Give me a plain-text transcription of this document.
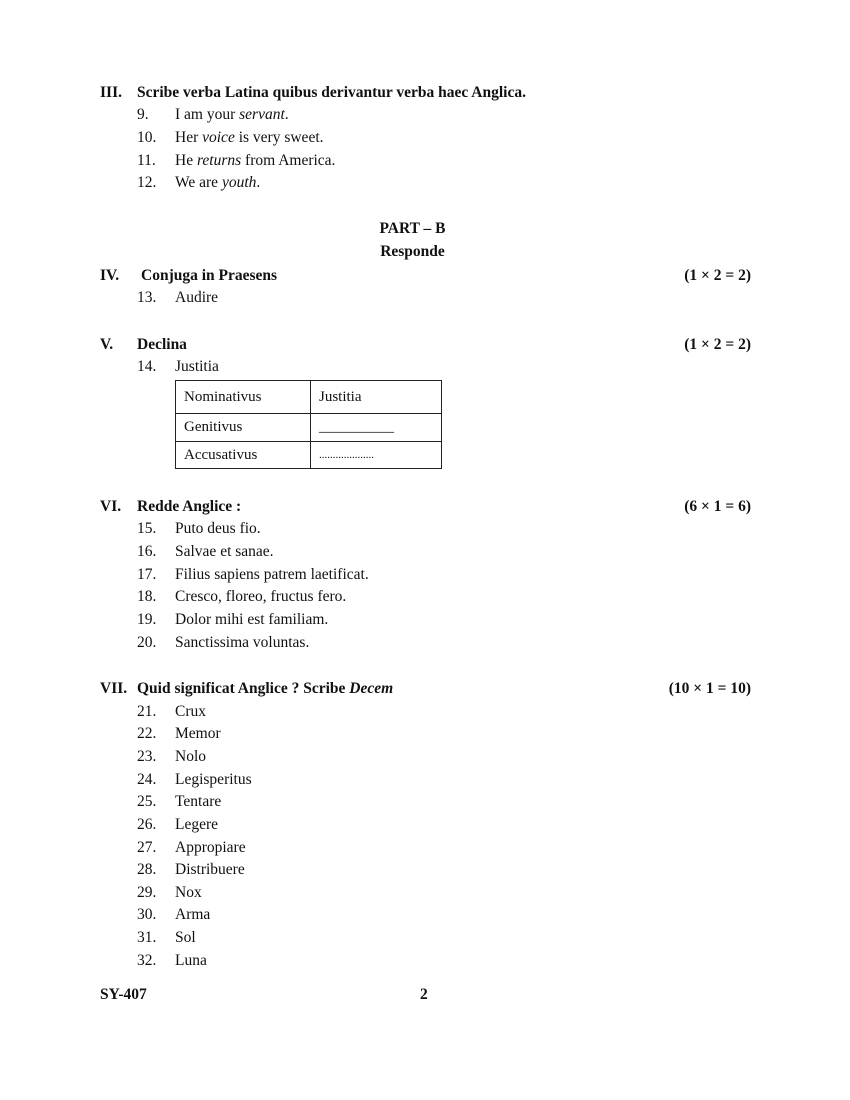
III. Scribe verba Latina quibus derivantur verba haec Anglica.
9. I am your servant.
10. Her voice is very sweet.
11. He returns from America.
12. We are youth.
PART – B
Responde
IV. Conjuga in Praesens	(1 × 2 = 2)
13. Audire
V. Declina	(1 × 2 = 2)
14. Justitia
Nominativus	Justitia
Genitivus	__________
Accusativus	....................
VI. Redde Anglice :	(6 × 1 = 6)
15. Puto deus fio.
16. Salvae et sanae.
17. Filius sapiens patrem laetificat.
18. Cresco, floreo, fructus fero.
19. Dolor mihi est familiam.
20. Sanctissima voluntas.
VII. Quid significat Anglice ? Scribe Decem	(10 × 1 = 10)
21. Crux
22. Memor
23. Nolo
24. Legisperitus
25. Tentare
26. Legere
27. Appropiare
28. Distribuere
29. Nox
30. Arma
31. Sol
32. Luna
SY-407	2
